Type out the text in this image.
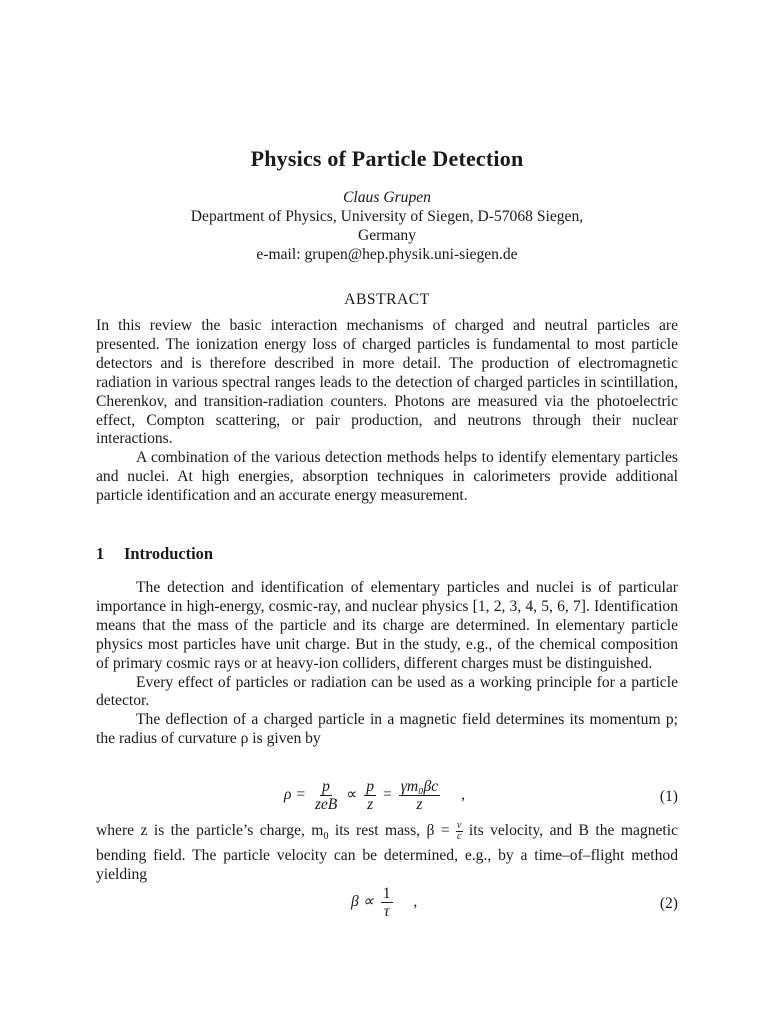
Physics of Particle Detection
Claus Grupen
Department of Physics, University of Siegen, D-57068 Siegen,
Germany
e-mail: grupen@hep.physik.uni-siegen.de
ABSTRACT

In this review the basic interaction mechanisms of charged and neutral particles are presented. The ionization energy loss of charged particles is fundamental to most particle detectors and is therefore described in more detail. The production of electromagnetic radiation in various spectral ranges leads to the detection of charged particles in scintillation, Cherenkov, and transition-radiation counters. Photons are measured via the photoelectric effect, Compton scattering, or pair production, and neutrons through their nuclear interactions.

A combination of the various detection methods helps to identify elementary particles and nuclei. At high energies, absorption techniques in calorimeters provide additional particle identification and an accurate energy measurement.

1 Introduction

The detection and identification of elementary particles and nuclei is of particular importance in high-energy, cosmic-ray, and nuclear physics [1, 2, 3, 4, 5, 6, 7]. Identification means that the mass of the particle and its charge are determined. In elementary particle physics most particles have unit charge. But in the study, e.g., of the chemical composition of primary cosmic rays or at heavy-ion colliders, different charges must be distinguished.

Every effect of particles or radiation can be used as a working principle for a particle detector.

The deflection of a charged particle in a magnetic field determines its momentum p; the radius of curvature ρ is given by

$\rho = \frac{p}{\text{zeB}} \propto \frac{p}{z} = \frac{\text{γm₀βc}}{z}$ ,	(1)

where z is the particle’s charge, $m_0$ its rest mass, $\beta = \frac{v}{c}$ its velocity, and B the magnetic bending field. The particle velocity can be determined, e.g., by a time–of–flight method yielding

$\beta \propto \frac{1}{\tau}$ ,	(2)
